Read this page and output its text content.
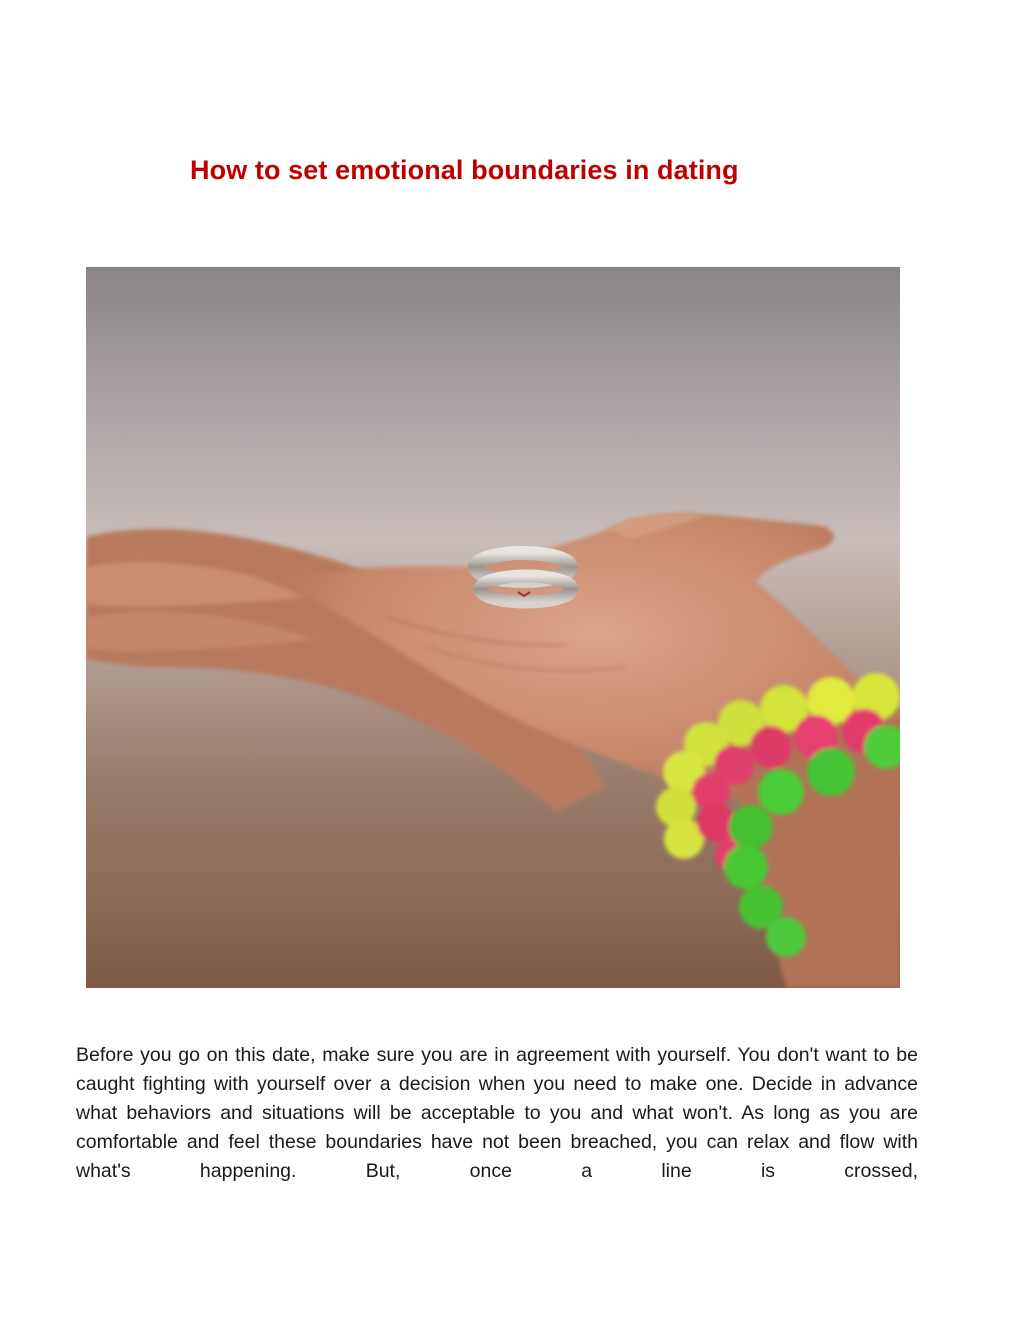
How to set emotional boundaries in dating

Before you go on this date, make sure you are in agreement with yourself. You don't want to be caught fighting with yourself over a decision when you need to make one. Decide in advance what behaviors and situations will be acceptable to you and what won't. As long as you are comfortable and feel these boundaries have not been breached, you can relax and flow with what's happening. But, once a line is crossed,
